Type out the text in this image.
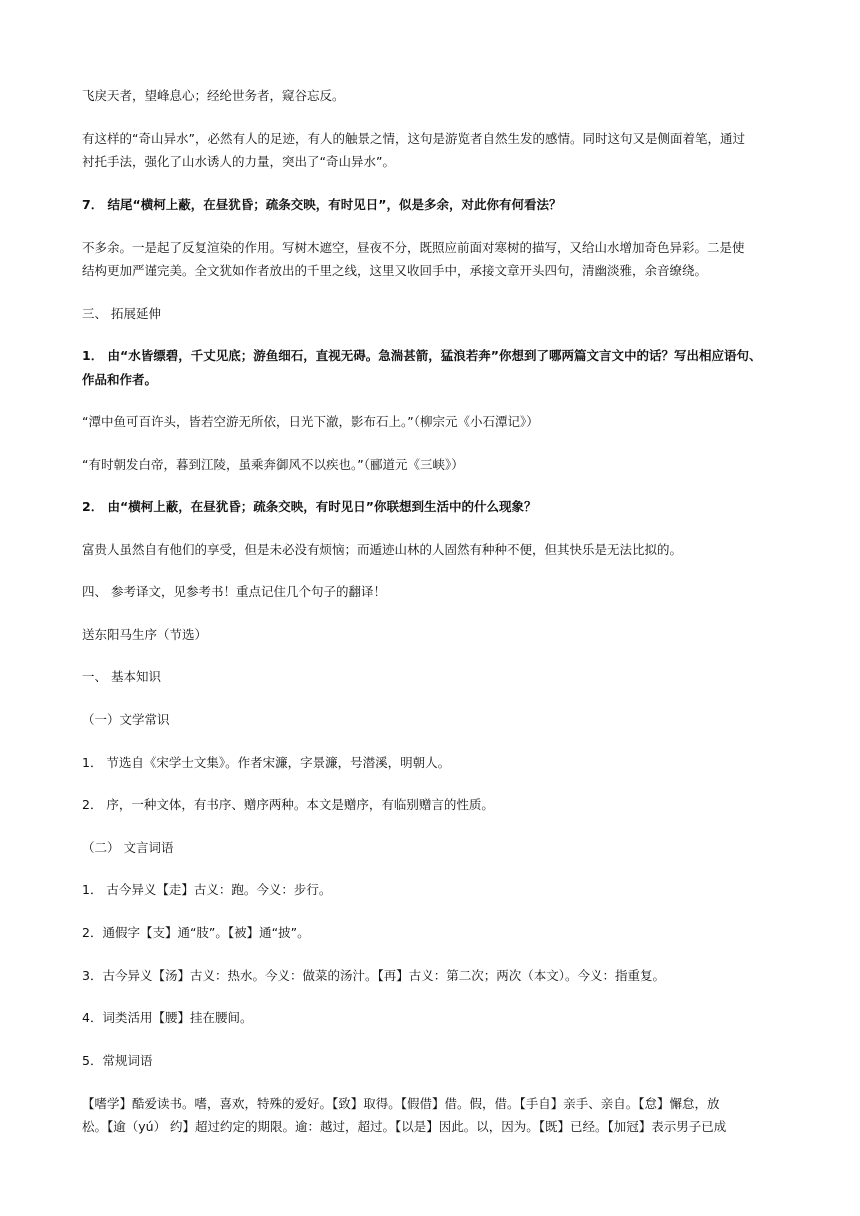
飞戾天者，望峰息心；经纶世务者，窥谷忘反。
有这样的“奇山异水”，必然有人的足迹，有人的触景之情，这句是游览者自然生发的感情。同时这句又是侧面着笔，通过
衬托手法，强化了山水诱人的力量，突出了“奇山异水”。
7． 结尾“横柯上蔽，在昼犹昏；疏条交映，有时见日”，似是多余，对此你有何看法？
不多余。一是起了反复渲染的作用。写树木遮空，昼夜不分，既照应前面对寒树的描写，又给山水增加奇色异彩。二是使
结构更加严谨完美。全文犹如作者放出的千里之线，这里又收回手中，承接文章开头四句，清幽淡雅，余音缭绕。
三、 拓展延伸
1． 由“水皆缥碧，千丈见底；游鱼细石，直视无碍。急湍甚箭，猛浪若奔”你想到了哪两篇文言文中的话？写出相应语句、
作品和作者。
“潭中鱼可百许头，皆若空游无所依，日光下澈，影布石上。”（柳宗元《小石潭记》）
“有时朝发白帝，暮到江陵，虽乘奔御风不以疾也。”（郦道元《三峡》）
2． 由“横柯上蔽，在昼犹昏；疏条交映，有时见日”你联想到生活中的什么现象？
富贵人虽然自有他们的享受，但是未必没有烦恼；而遁迹山林的人固然有种种不便，但其快乐是无法比拟的。
四、 参考译文，见参考书！重点记住几个句子的翻译！
送东阳马生序（节选）
一、 基本知识
（一）文学常识
1． 节选自《宋学士文集》。作者宋濂，字景濂，号潜溪，明朝人。
2． 序，一种文体，有书序、赠序两种。本文是赠序，有临别赠言的性质。
（二） 文言词语
1． 古今异义【走】古义：跑。今义：步行。
2．通假字【支】通“肢”。【被】通“披”。
3．古今异义【汤】古义：热水。今义：做菜的汤汁。【再】古义：第二次；两次（本文）。今义：指重复。
4．词类活用【腰】挂在腰间。
5．常规词语
【嗜学】酷爱读书。嗜，喜欢，特殊的爱好。【致】取得。【假借】借。假，借。【手自】亲手、亲自。【怠】懈怠，放
松。【逾（yú） 约】超过约定的期限。逾：越过，超过。【以是】因此。以，因为。【既】已经。【加冠】表示男子已成
